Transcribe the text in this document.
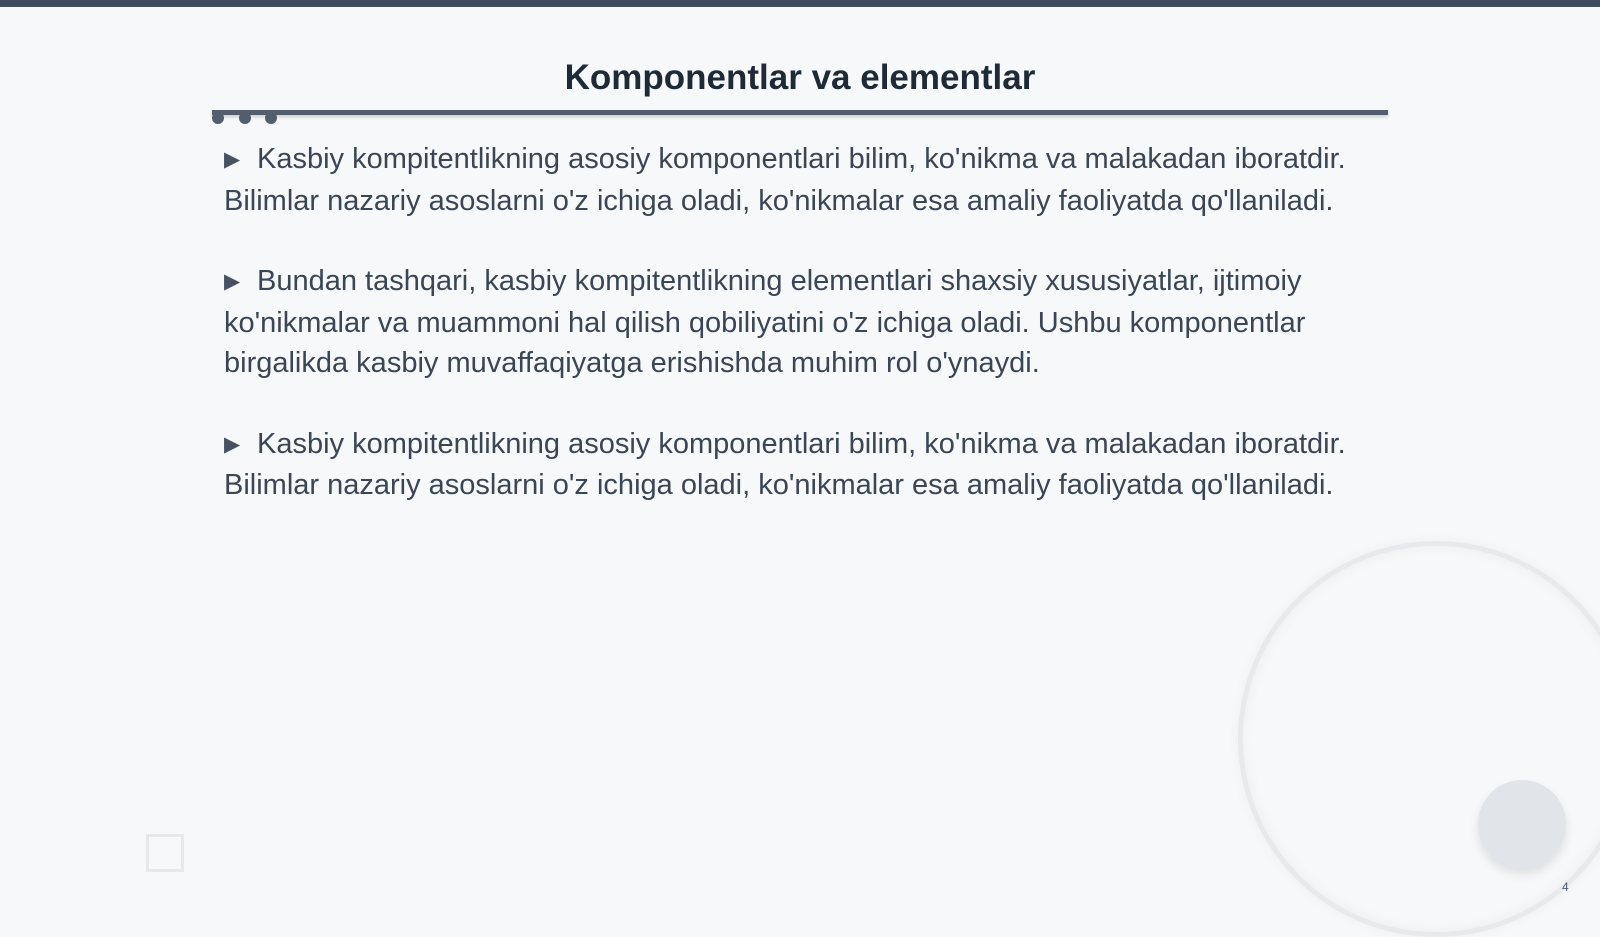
Komponentlar va elementlar

▶ Kasbiy kompitentlikning asosiy komponentlari bilim, ko'nikma va malakadan iboratdir. Bilimlar nazariy asoslarni o'z ichiga oladi, ko'nikmalar esa amaliy faoliyatda qo'llaniladi.

▶ Bundan tashqari, kasbiy kompitentlikning elementlari shaxsiy xususiyatlar, ijtimoiy ko'nikmalar va muammoni hal qilish qobiliyatini o'z ichiga oladi. Ushbu komponentlar birgalikda kasbiy muvaffaqiyatga erishishda muhim rol o'ynaydi.

▶ Kasbiy kompitentlikning asosiy komponentlari bilim, ko'nikma va malakadan iboratdir. Bilimlar nazariy asoslarni o'z ichiga oladi, ko'nikmalar esa amaliy faoliyatda qo'llaniladi.

4
